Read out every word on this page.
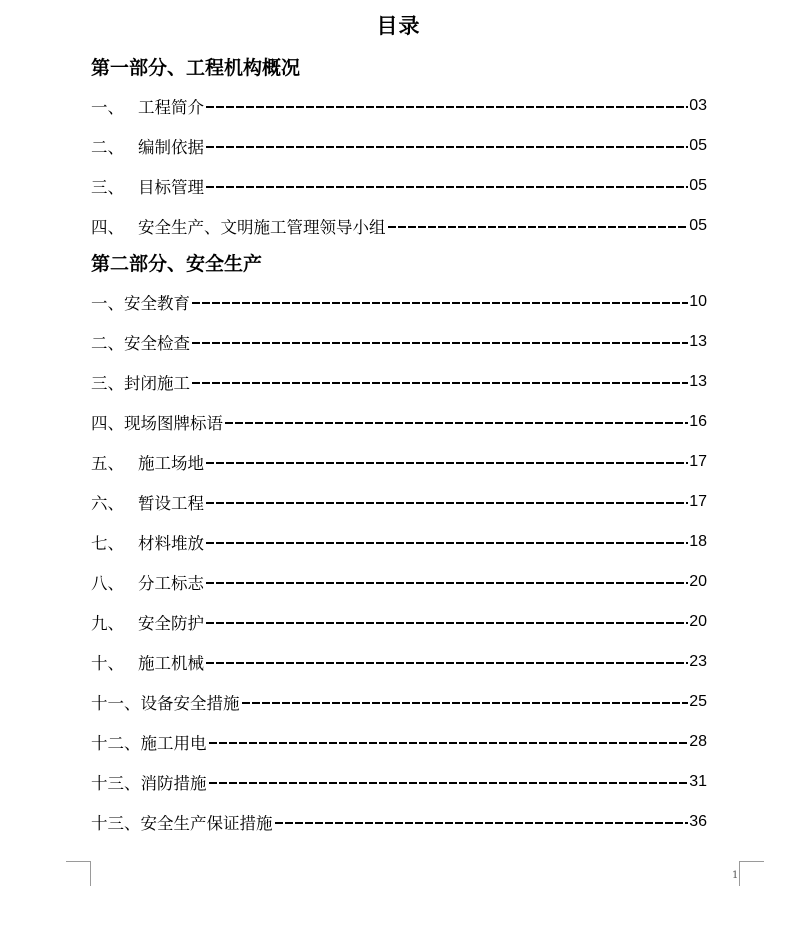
目录
第一部分、工程机构概况
一、 工程简介	03
二、 编制依据	05
三、 目标管理	05
四、 安全生产、文明施工管理领导小组	05
第二部分、安全生产
一、 安全教育	10
二、 安全检查	13
三、 封闭施工	13
四、 现场图牌标语	16
五、 施工场地	17
六、 暂设工程	17
七、 材料堆放	18
八、 分工标志	20
九、 安全防护	20
十、 施工机械	23
十一、 设备安全措施	25
十二、 施工用电	28
十三、 消防措施	31
十三、 安全生产保证措施	36
1
